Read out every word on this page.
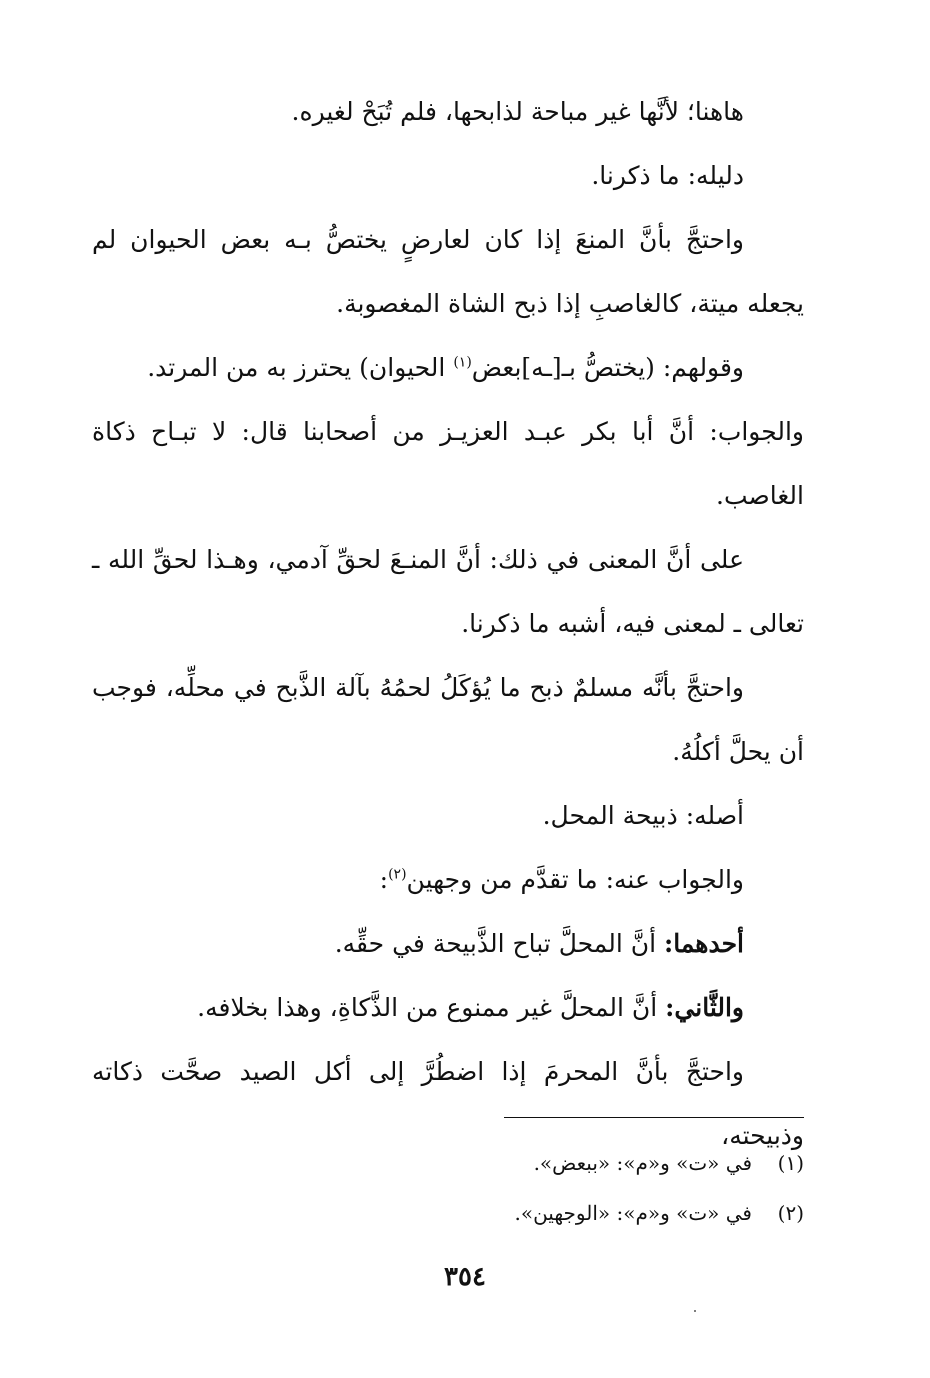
هاهنا؛ لأنَّها غير مباحة لذابحها، فلم تُبَحْ لغيره.

دليله: ما ذكرنا.

واحتجَّ بأنَّ المنعَ إذا كان لعارضٍ يختصُّ بـه بعض الحيوان لم يجعله ميتة، كالغاصبِ إذا ذبح الشاة المغصوبة.

وقولهم: (يختصُّ بـ[ـه]بعض$^{(١)}$ الحيوان) يحترز به من المرتد.

والجواب: أنَّ أبا بكر عبـد العزيـز من أصحابنا قال: لا تبـاح ذكاة الغاصب.

على أنَّ المعنى في ذلك: أنَّ المنـعَ لحقِّ آدمي، وهـذا لحقِّ الله ـ تعالى ـ لمعنى فيه، أشبه ما ذكرنا.

واحتجَّ بأنَّه مسلمٌ ذبح ما يُؤكَلُ لحمُهُ بآلة الذَّبح في محلِّه، فوجب أن يحلَّ أكلُهُ.

أصله: ذبيحة المحل.

والجواب عنه: ما تقدَّم من وجهين$^{(٢)}$:

أحدهما: أنَّ المحلَّ تباح الذَّبيحة في حقِّه.

والثَّاني: أنَّ المحلَّ غير ممنوع من الذَّكاةِ، وهذا بخلافه.

واحتجَّ بأنَّ المحرمَ إذا اضطُرَّ إلى أكل الصيد صحَّت ذكاته وذبيحته،

(١)
في «ت» و«م»: «ببعض».
(٢)
في «ت» و«م»: «الوجهين».
٣٥٤
